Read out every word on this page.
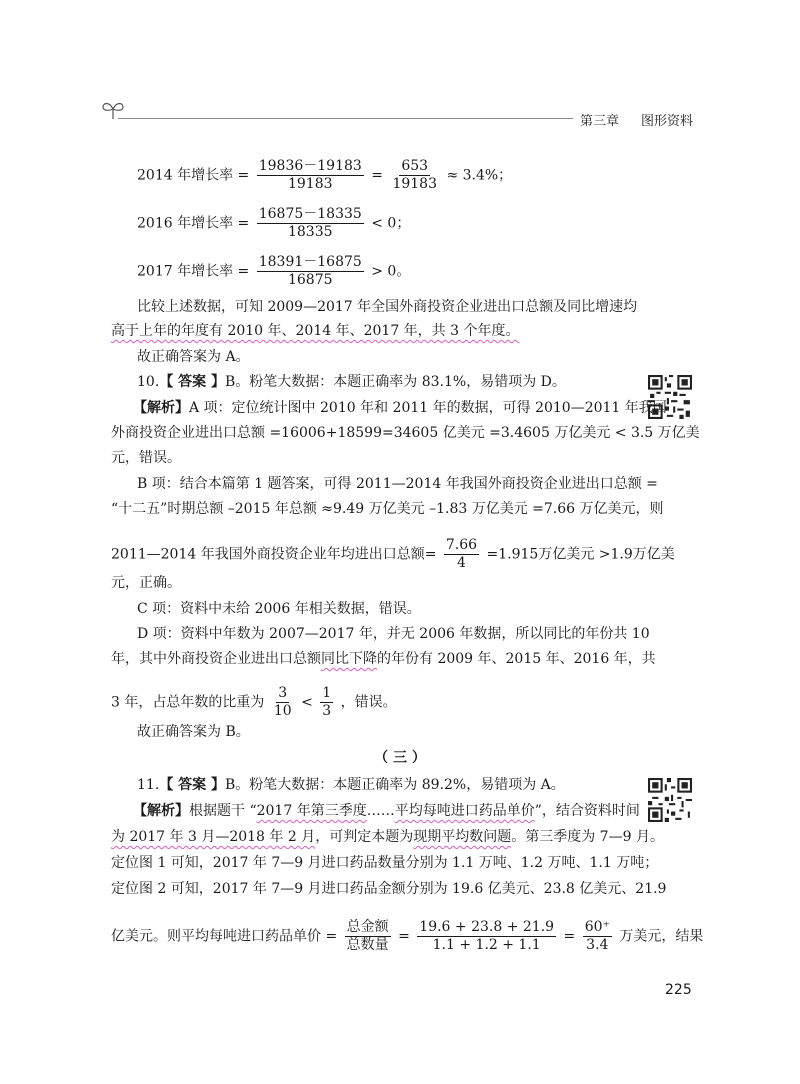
第三章 图形资料
2014 年增长率 = $\frac{19836-19183}{19183} = \frac{653}{19183} \approx 3.4\%$；
2016 年增长率 = $\frac{16875-18335}{18335} < 0$；
2017 年增长率 = $\frac{18391-16875}{16875} > 0$。
比较上述数据，可知 2009—2017 年全国外商投资企业进出口总额及同比增速均
高于上年的年度有 2010 年、2014 年、2017 年，共 3 个年度。
故正确答案为 A。
10.【 答案 】B。粉笔大数据：本题正确率为 83.1%，易错项为 D。
【解析】A 项：定位统计图中 2010 年和 2011 年的数据，可得 2010—2011 年我国
外商投资企业进出口总额 =16006+18599=34605 亿美元 =3.4605 万亿美元 < 3.5 万亿美
元，错误。
B 项：结合本篇第 1 题答案，可得 2011—2014 年我国外商投资企业进出口总额 =
“十二五”时期总额 –2015 年总额 ≈9.49 万亿美元 –1.83 万亿美元 =7.66 万亿美元，则
2011—2014 年我国外商投资企业年均进出口总额= $\frac{7.66}{4} =1.915$万亿美元 >1.9万亿美
元，正确。
C 项：资料中未给 2006 年相关数据，错误。
D 项：资料中年数为 2007—2017 年，并无 2006 年数据，所以同比的年份共 10
年，其中外商投资企业进出口总额同比下降的年份有 2009 年、2015 年、2016 年，共
3 年，占总年数的比重为 $\frac{3}{10} < \frac{1}{3}$ ，错误。
故正确答案为 B。
（ 三 ）
11.【 答案 】B。粉笔大数据：本题正确率为 89.2%，易错项为 A。
【解析】根据题干 “2017 年第三季度……平均每吨进口药品单价”，结合资料时间
为 2017 年 3 月—2018 年 2 月，可判定本题为现期平均数问题。第三季度为 7—9 月。
定位图 1 可知，2017 年 7—9 月进口药品数量分别为 1.1 万吨、1.2 万吨、1.1 万吨；
定位图 2 可知，2017 年 7—9 月进口药品金额分别为 19.6 亿美元、23.8 亿美元、21.9
亿美元。则平均每吨进口药品单价 = $\frac{\text{总金额}}{\text{总数量}} = \frac{19.6 + 23.8 + 21.9}{1.1 + 1.2 + 1.1} = \frac{60^+}{3.4}$ 万美元，结果
225
